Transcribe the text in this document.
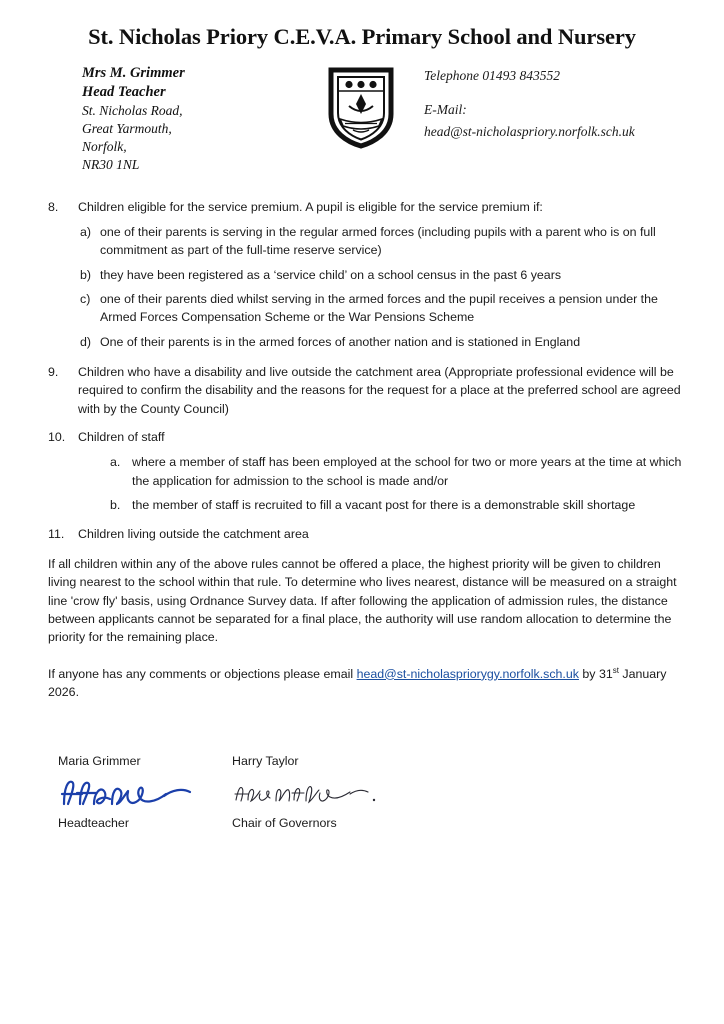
St. Nicholas Priory C.E.V.A. Primary School and Nursery
Mrs M. Grimmer
Head Teacher
St. Nicholas Road,
Great Yarmouth,
Norfolk,
NR30 1NL
Telephone 01493 843552
E-Mail:
head@st-nicholaspriory.norfolk.sch.uk
8.	Children eligible for the service premium. A pupil is eligible for the service premium if:
a) one of their parents is serving in the regular armed forces (including pupils with a parent who is on full commitment as part of the full-time reserve service)
b) they have been registered as a ‘service child’ on a school census in the past 6 years
c) one of their parents died whilst serving in the armed forces and the pupil receives a pension under the Armed Forces Compensation Scheme or the War Pensions Scheme
d) One of their parents is in the armed forces of another nation and is stationed in England
9.	Children who have a disability and live outside the catchment area (Appropriate professional evidence will be required to confirm the disability and the reasons for the request for a place at the preferred school are agreed with by the County Council)
10.	Children of staff
a. where a member of staff has been employed at the school for two or more years at the time at which the application for admission to the school is made and/or
b. the member of staff is recruited to fill a vacant post for there is a demonstrable skill shortage
11.	Children living outside the catchment area
If all children within any of the above rules cannot be offered a place, the highest priority will be given to children living nearest to the school within that rule. To determine who lives nearest, distance will be measured on a straight line 'crow fly' basis, using Ordnance Survey data. If after following the application of admission rules, the distance between applicants cannot be separated for a final place, the authority will use random allocation to determine the priority for the remaining place.
If anyone has any comments or objections please email head@st-nicholaspriorygy.norfolk.sch.uk by 31st January 2026.
Maria Grimmer
Headteacher
Harry Taylor
Chair of Governors
